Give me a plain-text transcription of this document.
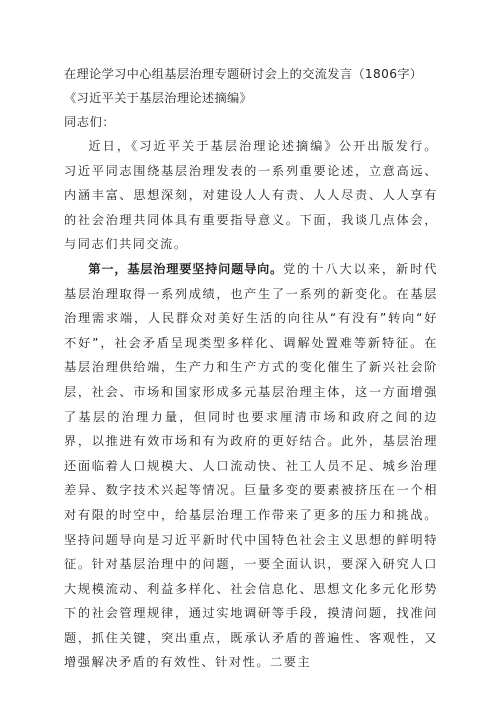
在理论学习中心组基层治理专题研讨会上的交流发言（1806字）《习近平关于基层治理论述摘编》

同志们：

近日，《习近平关于基层治理论述摘编》公开出版发行。习近平同志围绕基层治理发表的一系列重要论述，立意高远、内涵丰富、思想深刻，对建设人人有责、人人尽责、人人享有的社会治理共同体具有重要指导意义。下面，我谈几点体会，与同志们共同交流。

第一，基层治理要坚持问题导向。党的十八大以来，新时代基层治理取得一系列成绩，也产生了一系列的新变化。在基层治理需求端，人民群众对美好生活的向往从“有没有”转向“好不好”，社会矛盾呈现类型多样化、调解处置难等新特征。在基层治理供给端，生产力和生产方式的变化催生了新兴社会阶层，社会、市场和国家形成多元基层治理主体，这一方面增强了基层的治理力量，但同时也要求厘清市场和政府之间的边界，以推进有效市场和有为政府的更好结合。此外，基层治理还面临着人口规模大、人口流动快、社工人员不足、城乡治理差异、数字技术兴起等情况。巨量多变的要素被挤压在一个相对有限的时空中，给基层治理工作带来了更多的压力和挑战。坚持问题导向是习近平新时代中国特色社会主义思想的鲜明特征。针对基层治理中的问题，一要全面认识，要深入研究人口大规模流动、利益多样化、社会信息化、思想文化多元化形势下的社会管理规律，通过实地调研等手段，摸清问题，找准问题，抓住关键，突出重点，既承认矛盾的普遍性、客观性，又增强解决矛盾的有效性、针对性。二要主
